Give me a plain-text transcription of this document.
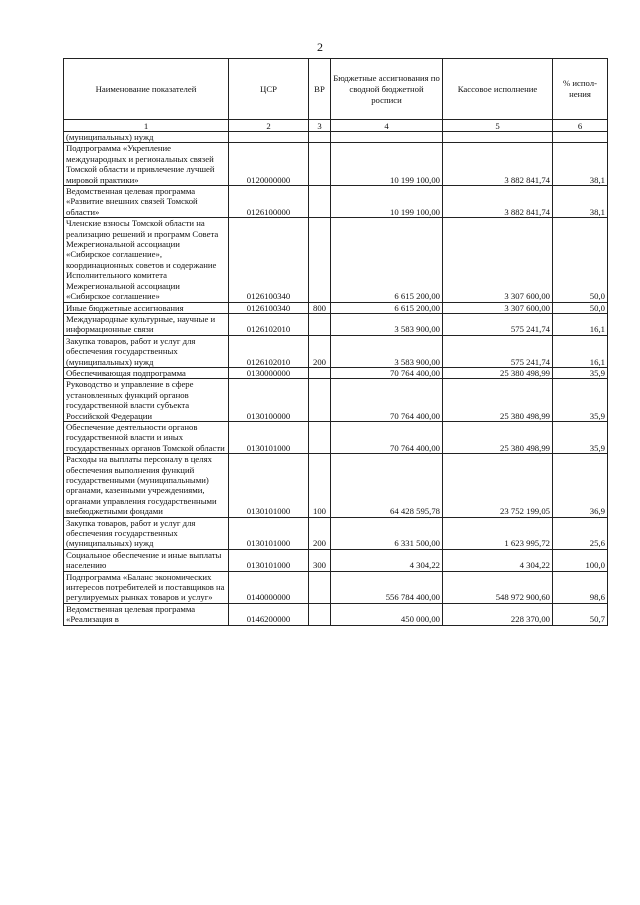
2
Наименование показателей	ЦСР	ВР	Бюджетные ассигнования по сводной бюджетной росписи	Кассовое исполнение	% испол-нения
1	2	3	4	5	6
(муниципальных) нужд					
Подпрограмма «Укрепление международных и региональных связей Томской области и привлечение лучшей мировой практики»	0120000000		10 199 100,00	3 882 841,74	38,1
Ведомственная целевая программа «Развитие внешних связей Томской области»	0126100000		10 199 100,00	3 882 841,74	38,1
Членские взносы Томской области на реализацию решений и программ Совета Межрегиональной ассоциации «Сибирское соглашение», координационных советов и содержание Исполнительного комитета Межрегиональной ассоциации «Сибирское соглашение»	0126100340		6 615 200,00	3 307 600,00	50,0
Иные бюджетные ассигнования	0126100340	800	6 615 200,00	3 307 600,00	50,0
Международные культурные, научные и информационные связи	0126102010		3 583 900,00	575 241,74	16,1
Закупка товаров, работ и услуг для обеспечения государственных (муниципальных) нужд	0126102010	200	3 583 900,00	575 241,74	16,1
Обеспечивающая подпрограмма	0130000000		70 764 400,00	25 380 498,99	35,9
Руководство и управление в сфере установленных функций органов государственной власти субъекта Российской Федерации	0130100000		70 764 400,00	25 380 498,99	35,9
Обеспечение деятельности органов государственной власти и иных государственных органов Томской области	0130101000		70 764 400,00	25 380 498,99	35,9
Расходы на выплаты персоналу в целях обеспечения выполнения функций государственными (муниципальными) органами, казенными учреждениями, органами управления государственными внебюджетными фондами	0130101000	100	64 428 595,78	23 752 199,05	36,9
Закупка товаров, работ и услуг для обеспечения государственных (муниципальных) нужд	0130101000	200	6 331 500,00	1 623 995,72	25,6
Социальное обеспечение и иные выплаты населению	0130101000	300	4 304,22	4 304,22	100,0
Подпрограмма «Баланс экономических интересов потребителей и поставщиков на регулируемых рынках товаров и услуг»	0140000000		556 784 400,00	548 972 900,60	98,6
Ведомственная целевая программа «Реализация в	0146200000		450 000,00	228 370,00	50,7
